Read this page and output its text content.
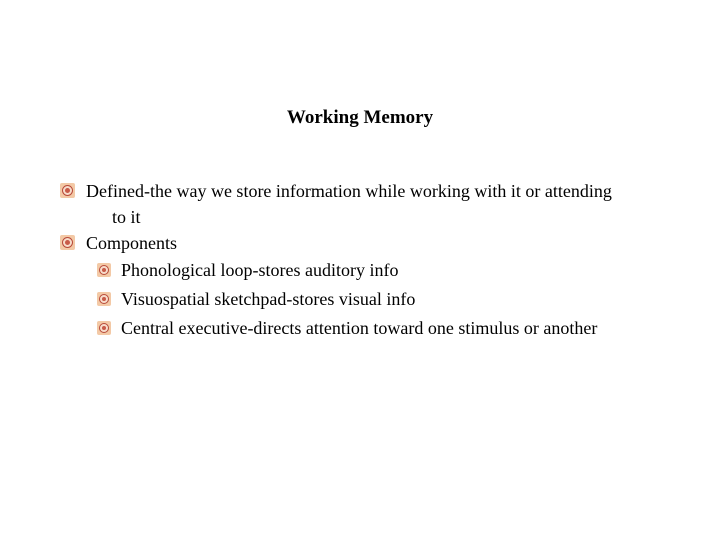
Working Memory
Defined-the way we store information while working with it or attending
to it
Components
Phonological loop-stores auditory info
Visuospatial sketchpad-stores visual info
Central executive-directs attention toward one stimulus or another
